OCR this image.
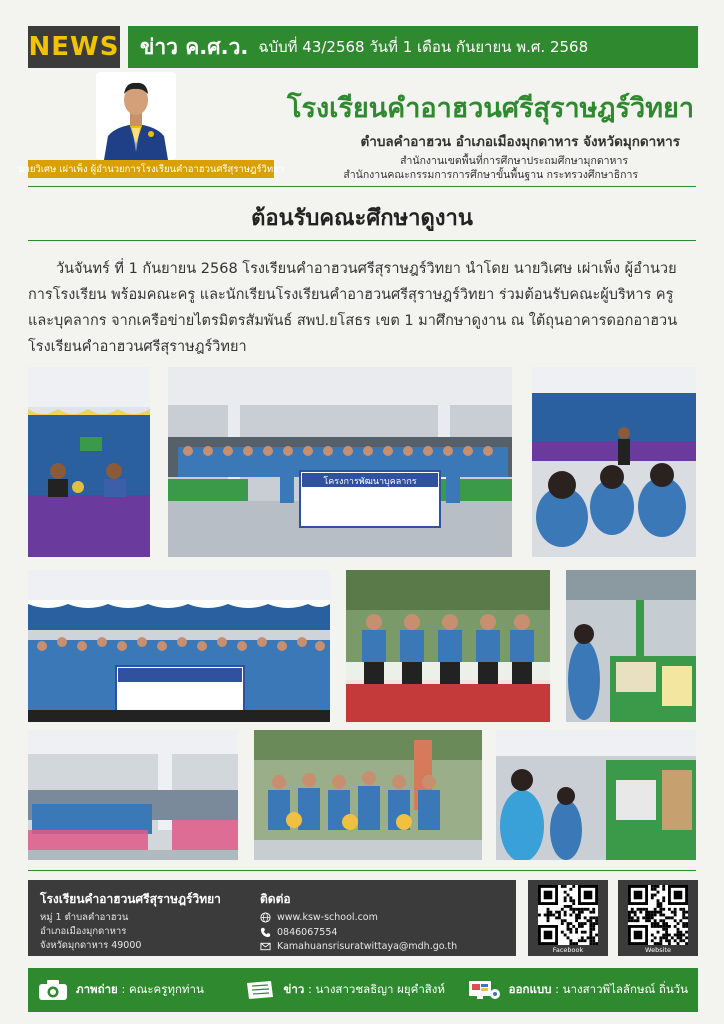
NEWS ข่าว ค.ศ.ว. ฉบับที่ 43/2568 วันที่ 1 เดือน กันยายน พ.ศ. 2568
นายวิเศษ เผ่าเพ็ง ผู้อำนวยการโรงเรียนคำอาฮวนศรีสุราษฎร์วิทยา
โรงเรียนคำอาฮวนศรีสุราษฎร์วิทยา
ตำบลคำอาฮวน อำเภอเมืองมุกดาหาร จังหวัดมุกดาหาร
สำนักงานเขตพื้นที่การศึกษาประถมศึกษามุกดาหาร
สำนักงานคณะกรรมการการศึกษาขั้นพื้นฐาน กระทรวงศึกษาธิการ
ต้อนรับคณะศึกษาดูงาน

วันจันทร์ ที่ 1 กันยายน 2568 โรงเรียนคำอาฮวนศรีสุราษฎร์วิทยา นำโดย นายวิเศษ เผ่าเพ็ง ผู้อำนวยการโรงเรียน พร้อมคณะครู และนักเรียนโรงเรียนคำอาฮวนศรีสุราษฎร์วิทยา ร่วมต้อนรับคณะผู้บริหาร ครูและบุคลากร จากเครือข่ายไตรมิตรสัมพันธ์ สพป.ยโสธร เขต 1 มาศึกษาดูงาน ณ ใต้ถุนอาคารดอกอาฮวน โรงเรียนคำอาฮวนศรีสุราษฎร์วิทยา

โครงการพัฒนาบุคลากร
โรงเรียนคำอาฮวนศรีสุราษฎร์วิทยา
หมู่ 1 ตำบลคำอาฮวน
อำเภอเมืองมุกดาหาร
จังหวัดมุกดาหาร 49000
ติดต่อ
www.ksw-school.com
0846067554
Kamahuansrisuratwittaya@mdh.go.th	Facebook	Website
ภาพถ่าย : คณะครูทุกท่าน	ข่าว : นางสาวชลธิญา ผยุคำสิงห์	ออกแบบ : นางสาวพิไลลักษณ์ ถิ่นวัน
